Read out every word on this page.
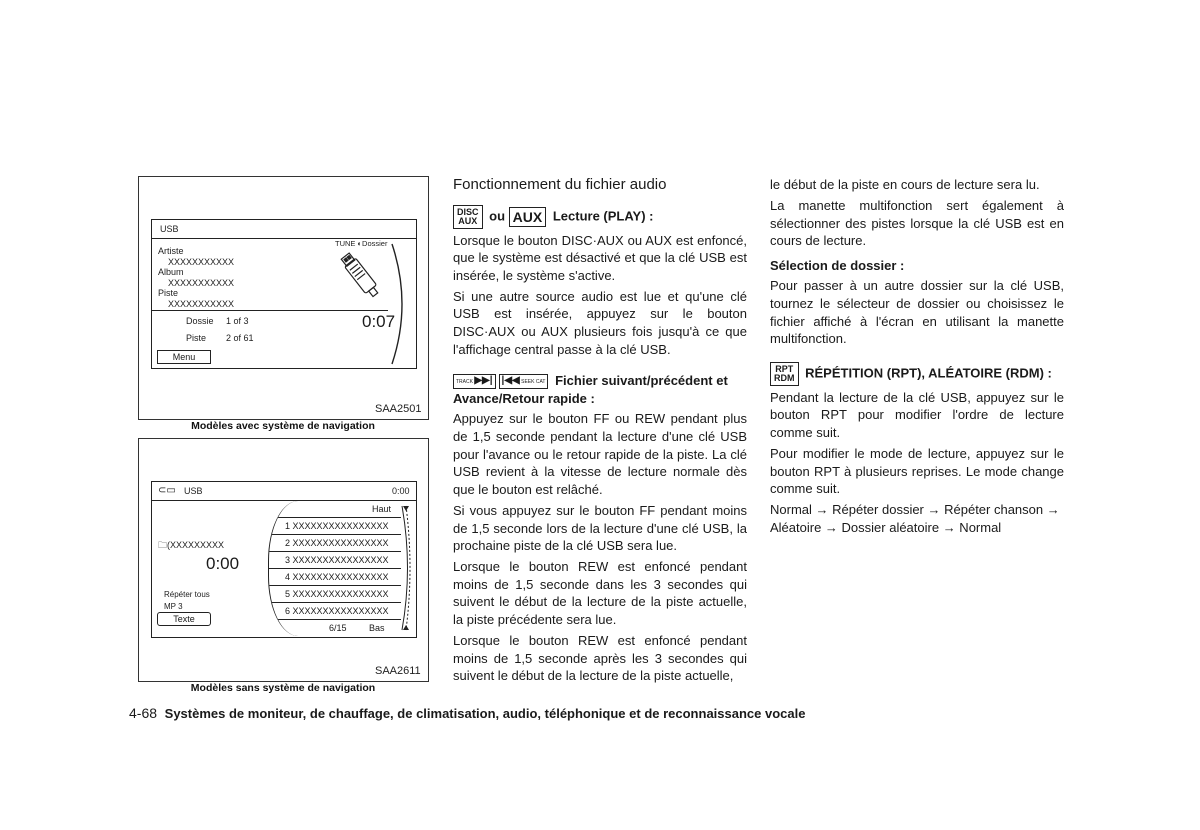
USB
Artiste
XXXXXXXXXXX
Album
XXXXXXXXXXX
Piste
XXXXXXXXXXX
TUNE ◐Dossier
Dossie 1 of 3
Piste 2 of 61
0:07
Menu
SAA2501
Modèles avec système de navigation
⊂▭ USB	0:00
🗀(XXXXXXXXX
0:00
Répéter tous
MP 3
Texte
Haut
1 XXXXXXXXXXXXXXXX
2 XXXXXXXXXXXXXXXX
3 XXXXXXXXXXXXXXXX
4 XXXXXXXXXXXXXXXX
5 XXXXXXXXXXXXXXXX
6 XXXXXXXXXXXXXXXX
6/15 Bas
SAA2611
Modèles sans système de navigation
Fonctionnement du fichier audio
DISC
AUX ou AUX Lecture (PLAY) :

Lorsque le bouton DISC·AUX ou AUX est enfoncé, que le système est désactivé et que la clé USB est insérée, le système s'active.

Si une autre source audio est lue et qu'une clé USB est insérée, appuyez sur le bouton DISC·AUX ou AUX plusieurs fois jusqu'à ce que l'affichage central passe à la clé USB.

TRACK ▶▶| |◀◀ SEEK CAT Fichier suivant/précédent et Avance/Retour rapide :

Appuyez sur le bouton FF ou REW pendant plus de 1,5 seconde pendant la lecture d'une clé USB pour l'avance ou le retour rapide de la piste. La clé USB revient à la vitesse de lecture normale dès que le bouton est relâché.

Si vous appuyez sur le bouton FF pendant moins de 1,5 seconde lors de la lecture d'une clé USB, la prochaine piste de la clé USB sera lue.

Lorsque le bouton REW est enfoncé pendant moins de 1,5 seconde dans les 3 secondes qui suivent le début de la lecture de la piste actuelle, la piste précédente sera lue.

Lorsque le bouton REW est enfoncé pendant moins de 1,5 seconde après les 3 secondes qui suivent le début de la lecture de la piste actuelle,

le début de la piste en cours de lecture sera lu.

La manette multifonction sert également à sélectionner des pistes lorsque la clé USB est en cours de lecture.

Sélection de dossier :

Pour passer à un autre dossier sur la clé USB, tournez le sélecteur de dossier ou choisissez le fichier affiché à l'écran en utilisant la manette multifonction.

RPT
RDM RÉPÉTITION (RPT), ALÉATOIRE (RDM) :

Pendant la lecture de la clé USB, appuyez sur le bouton RPT pour modifier l'ordre de lecture comme suit.

Pour modifier le mode de lecture, appuyez sur le bouton RPT à plusieurs reprises. Le mode change comme suit.

Normal → Répéter dossier → Répéter chanson → Aléatoire → Dossier aléatoire → Normal

4-68 Systèmes de moniteur, de chauffage, de climatisation, audio, téléphonique et de reconnaissance vocale
